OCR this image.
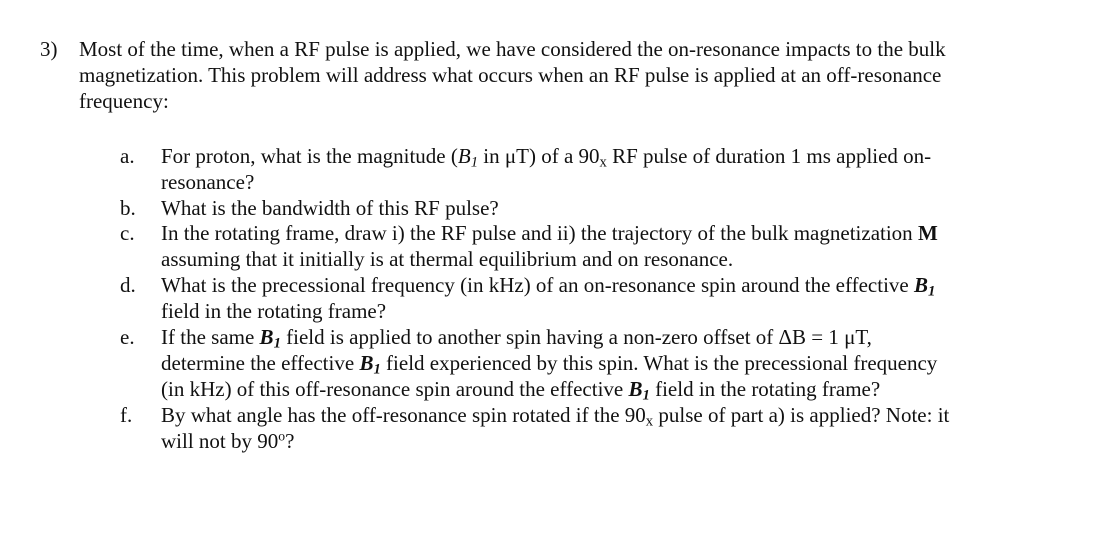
3) Most of the time, when a RF pulse is applied, we have considered the on-resonance impacts to the bulk
magnetization. This problem will address what occurs when an RF pulse is applied at an off-resonance
frequency:
a. For proton, what is the magnitude ($B_1$ in μT) of a $90_x$ RF pulse of duration 1 ms applied on-
resonance?
b. What is the bandwidth of this RF pulse?
c. In the rotating frame, draw i) the RF pulse and ii) the trajectory of the bulk magnetization M
assuming that it initially is at thermal equilibrium and on resonance.
d. What is the precessional frequency (in kHz) of an on-resonance spin around the effective $B_1$
field in the rotating frame?
e. If the same $B_1$ field is applied to another spin having a non-zero offset of ΔB = 1 μT,
determine the effective $B_1$ field experienced by this spin. What is the precessional frequency
(in kHz) of this off-resonance spin around the effective $B_1$ field in the rotating frame?
f. By what angle has the off-resonance spin rotated if the $90_x$ pulse of part a) is applied? Note: it
will not by 90$^o$?
